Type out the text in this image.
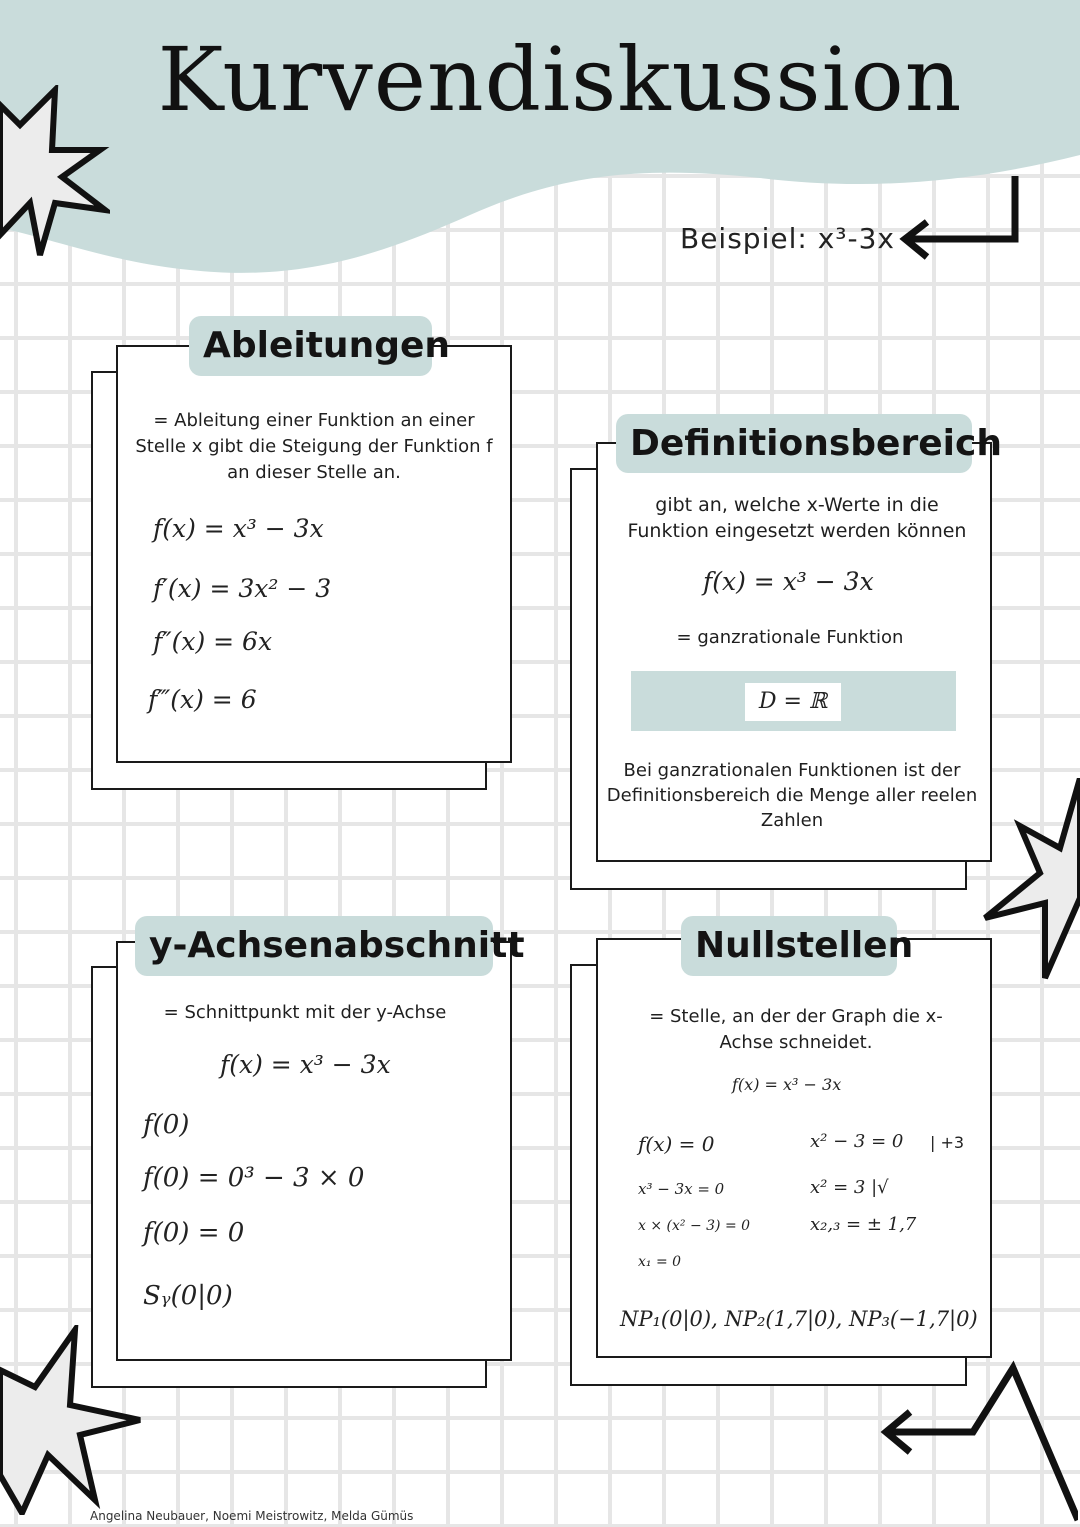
Kurvendiskussion
Beispiel: x³-3x
Ableitungen
= Ableitung einer Funktion an einer Stelle x gibt die Steigung der Funktion f an dieser Stelle an.
f(x) = x³ − 3x
f′(x) = 3x² − 3
f″(x) = 6x
f‴(x) = 6
Definitionsbereich
gibt an, welche x-Werte in die Funktion eingesetzt werden können
f(x) = x³ − 3x
= ganzrationale Funktion
D = ℝ
Bei ganzrationalen Funktionen ist der Definitionsbereich die Menge aller reelen Zahlen
y-Achsenabschnitt
= Schnittpunkt mit der y-Achse
f(x) = x³ − 3x
f(0)
f(0) = 0³ − 3 × 0
f(0) = 0
Sᵧ(0|0)
Nullstellen
= Stelle, an der der Graph die x-Achse schneidet.
f(x) = x³ − 3x
f(x) = 0
x³ − 3x = 0
x × (x² − 3) = 0
x₁ = 0
x² − 3 = 0 | +3
x² = 3 |√
x₂,₃ = ± 1,7
NP₁(0|0), NP₂(1,7|0), NP₃(−1,7|0)
Angelina Neubauer, Noemi Meistrowitz, Melda Gümüs
